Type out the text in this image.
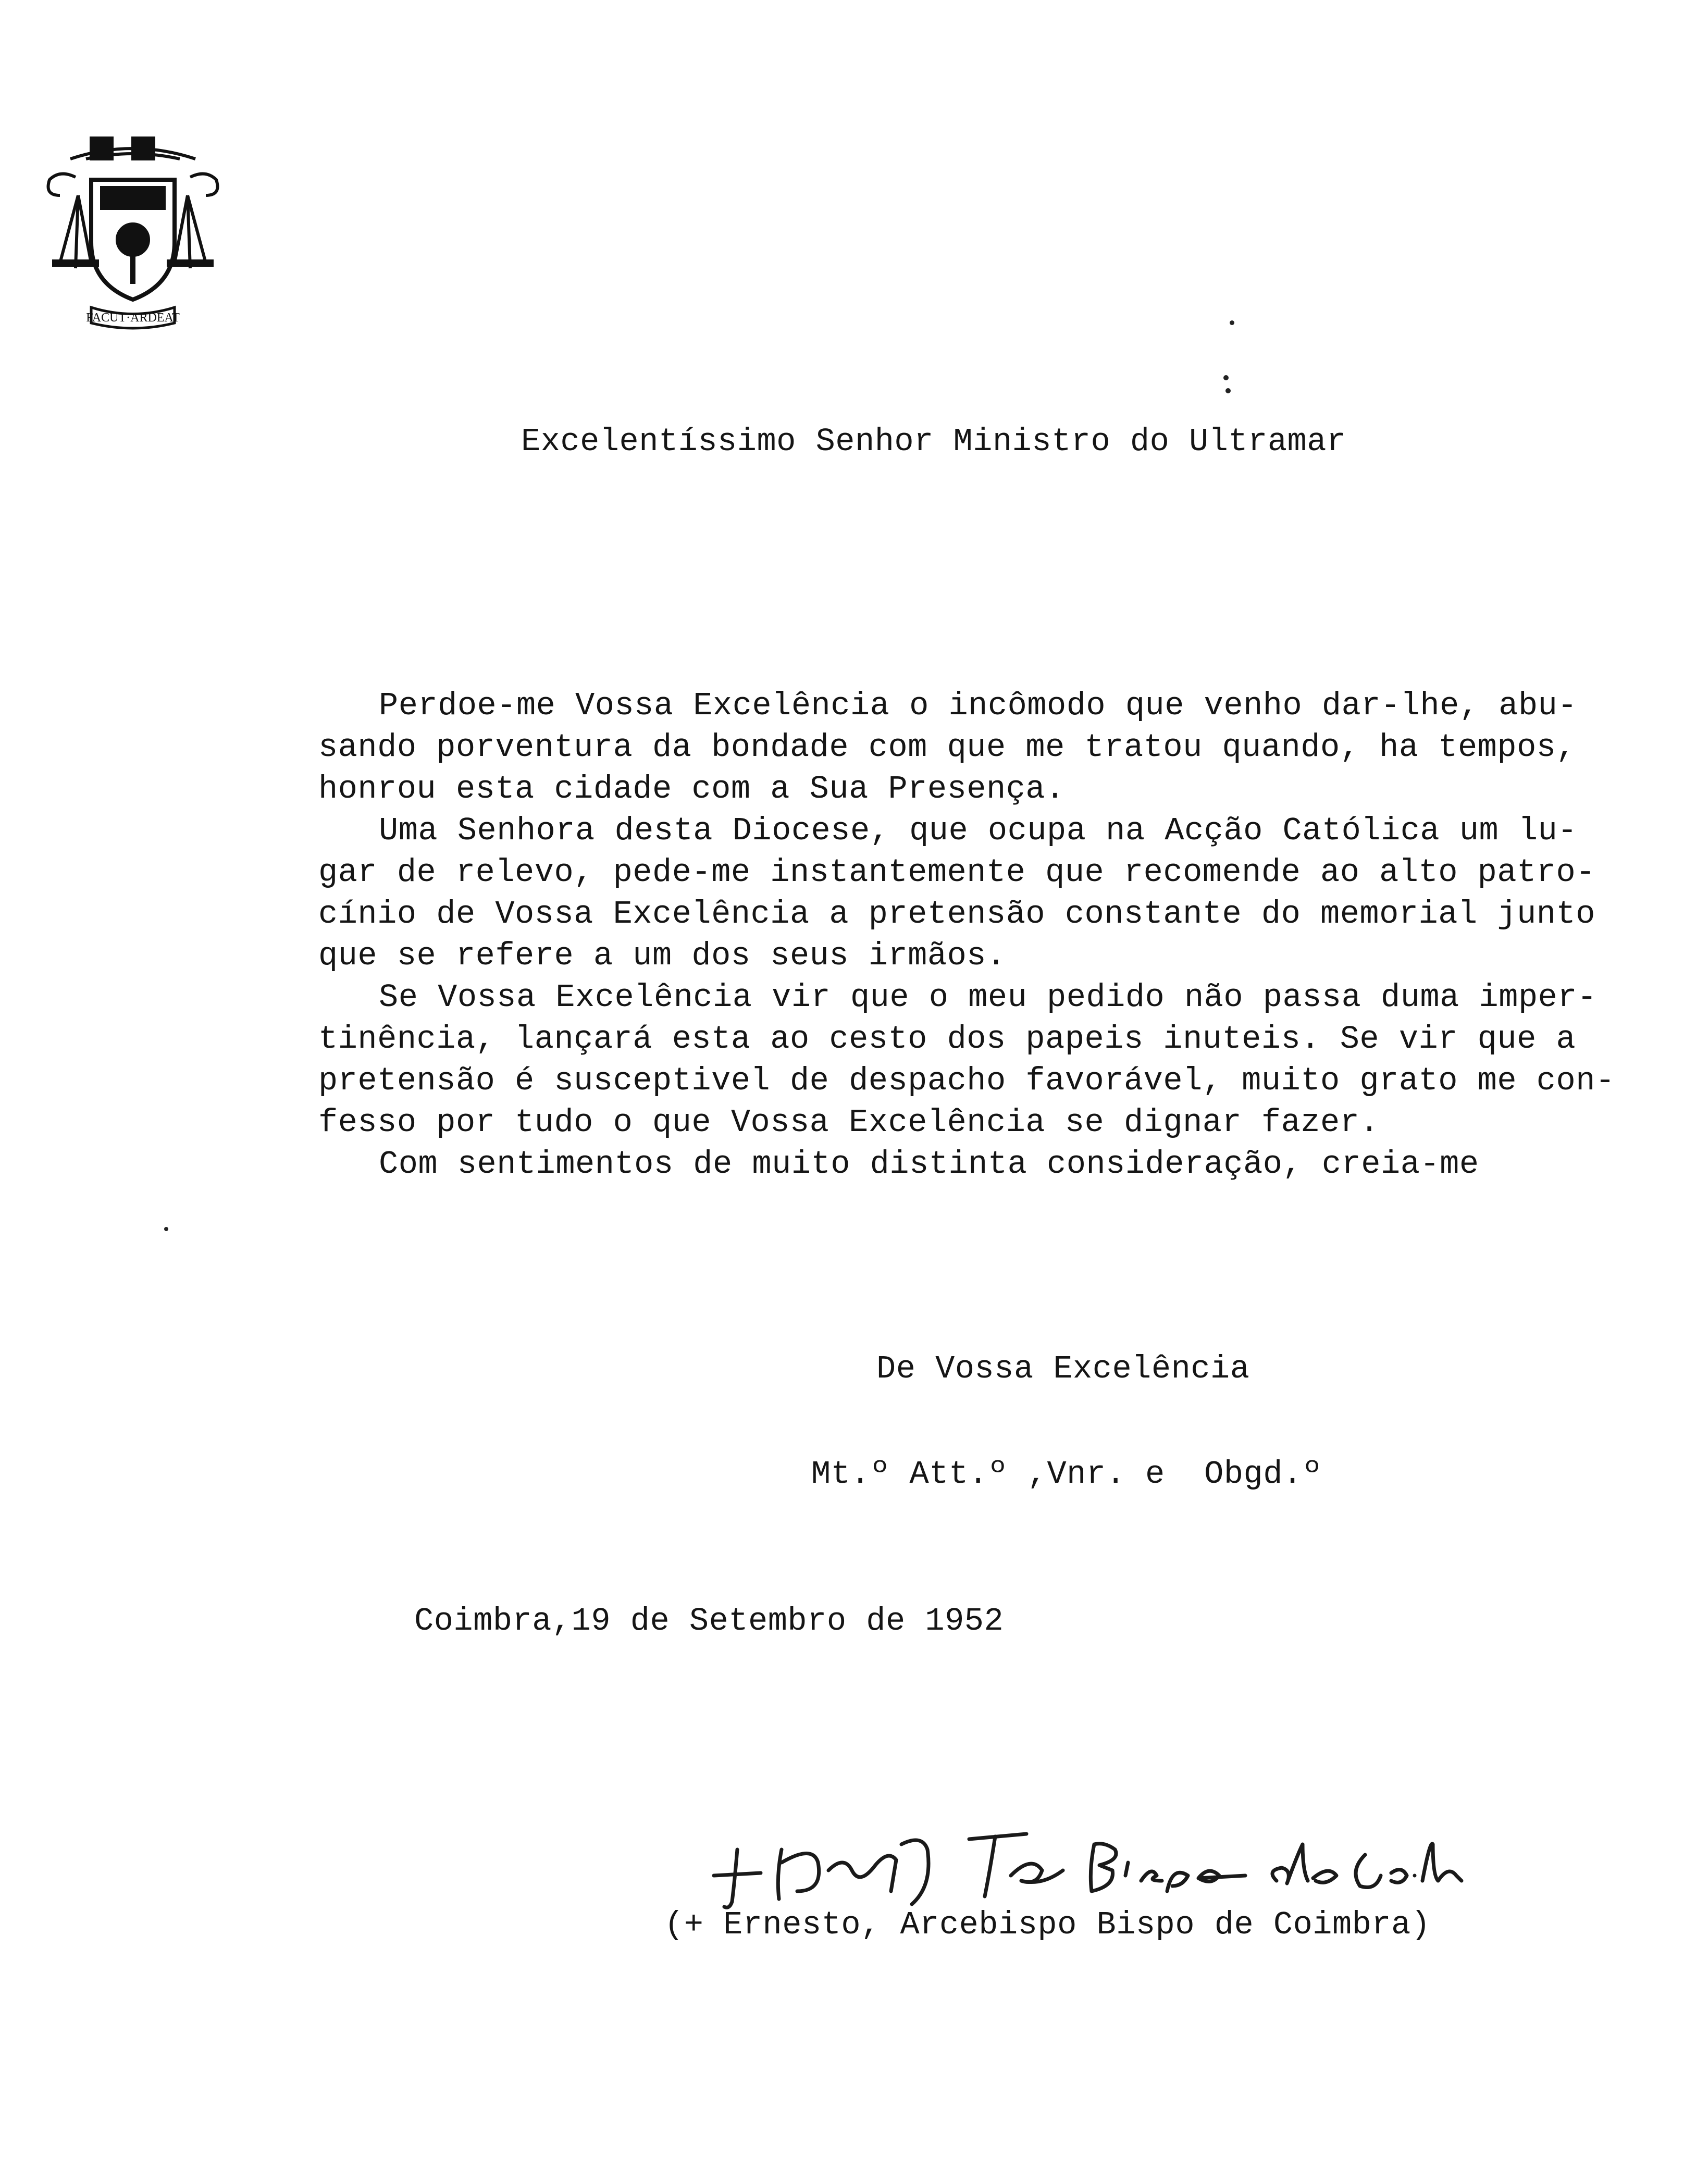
FACUT·ARDEAT
Excelentíssimo Senhor Ministro do Ultramar
Perdoe-me Vossa Excelência o incômodo que venho dar-lhe, abu-
sando porventura da bondade com que me tratou quando, ha tempos,
honrou esta cidade com a Sua Presença.
Uma Senhora desta Diocese, que ocupa na Acção Católica um lu-
gar de relevo, pede-me instantemente que recomende ao alto patro-
cínio de Vossa Excelência a pretensão constante do memorial junto
que se refere a um dos seus irmãos.
Se Vossa Excelência vir que o meu pedido não passa duma imper-
tinência, lançará esta ao cesto dos papeis inuteis. Se vir que a
pretensão é susceptivel de despacho favorável, muito grato me con-
fesso por tudo o que Vossa Excelência se dignar fazer.
Com sentimentos de muito distinta consideração, creia-me
De Vossa Excelência
Mt.º Att.º ,Vnr. e  Obgd.º
Coimbra,19 de Setembro de 1952
(+ Ernesto, Arcebispo Bispo de Coimbra)
